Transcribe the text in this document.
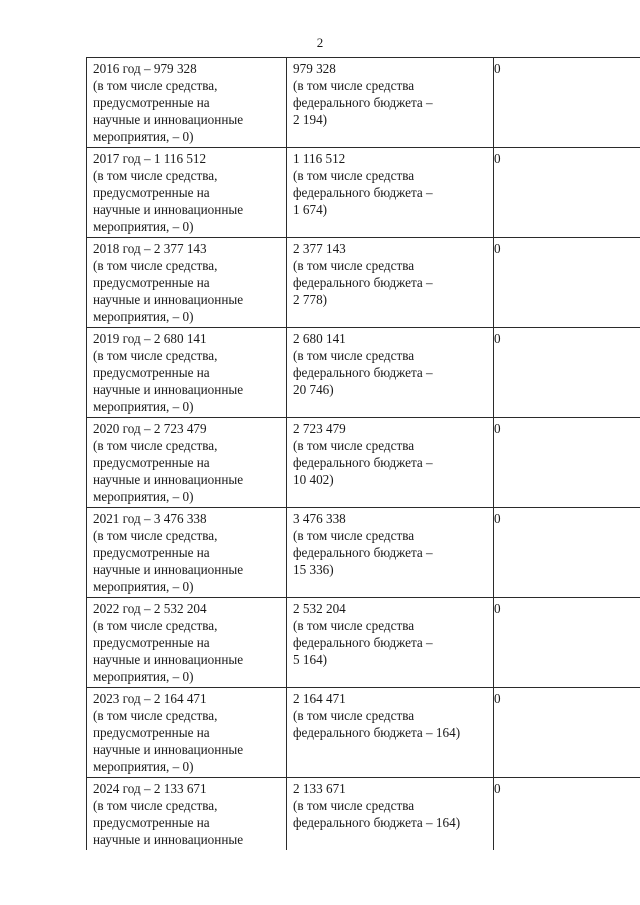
2
2016 год – 979 328
(в том числе средства,
предусмотренные на
научные и инновационные
мероприятия, – 0)	979 328
(в том числе средства
федерального бюджета –
2 194)	0

2017 год – 1 116 512
(в том числе средства,
предусмотренные на
научные и инновационные
мероприятия, – 0)	1 116 512
(в том числе средства
федерального бюджета –
1 674)	0

2018 год – 2 377 143
(в том числе средства,
предусмотренные на
научные и инновационные
мероприятия, – 0)	2 377 143
(в том числе средства
федерального бюджета –
2 778)	0

2019 год – 2 680 141
(в том числе средства,
предусмотренные на
научные и инновационные
мероприятия, – 0)	2 680 141
(в том числе средства
федерального бюджета –
20 746)	0

2020 год – 2 723 479
(в том числе средства,
предусмотренные на
научные и инновационные
мероприятия, – 0)	2 723 479
(в том числе средства
федерального бюджета –
10 402)	0

2021 год – 3 476 338
(в том числе средства,
предусмотренные на
научные и инновационные
мероприятия, – 0)	3 476 338
(в том числе средства
федерального бюджета –
15 336)	0

2022 год – 2 532 204
(в том числе средства,
предусмотренные на
научные и инновационные
мероприятия, – 0)	2 532 204
(в том числе средства
федерального бюджета –
5 164)	0

2023 год – 2 164 471
(в том числе средства,
предусмотренные на
научные и инновационные
мероприятия, – 0)	2 164 471
(в том числе средства
федерального бюджета – 164)	0

2024 год – 2 133 671
(в том числе средства,
предусмотренные на
научные и инновационные	2 133 671
(в том числе средства
федерального бюджета – 164)	0
